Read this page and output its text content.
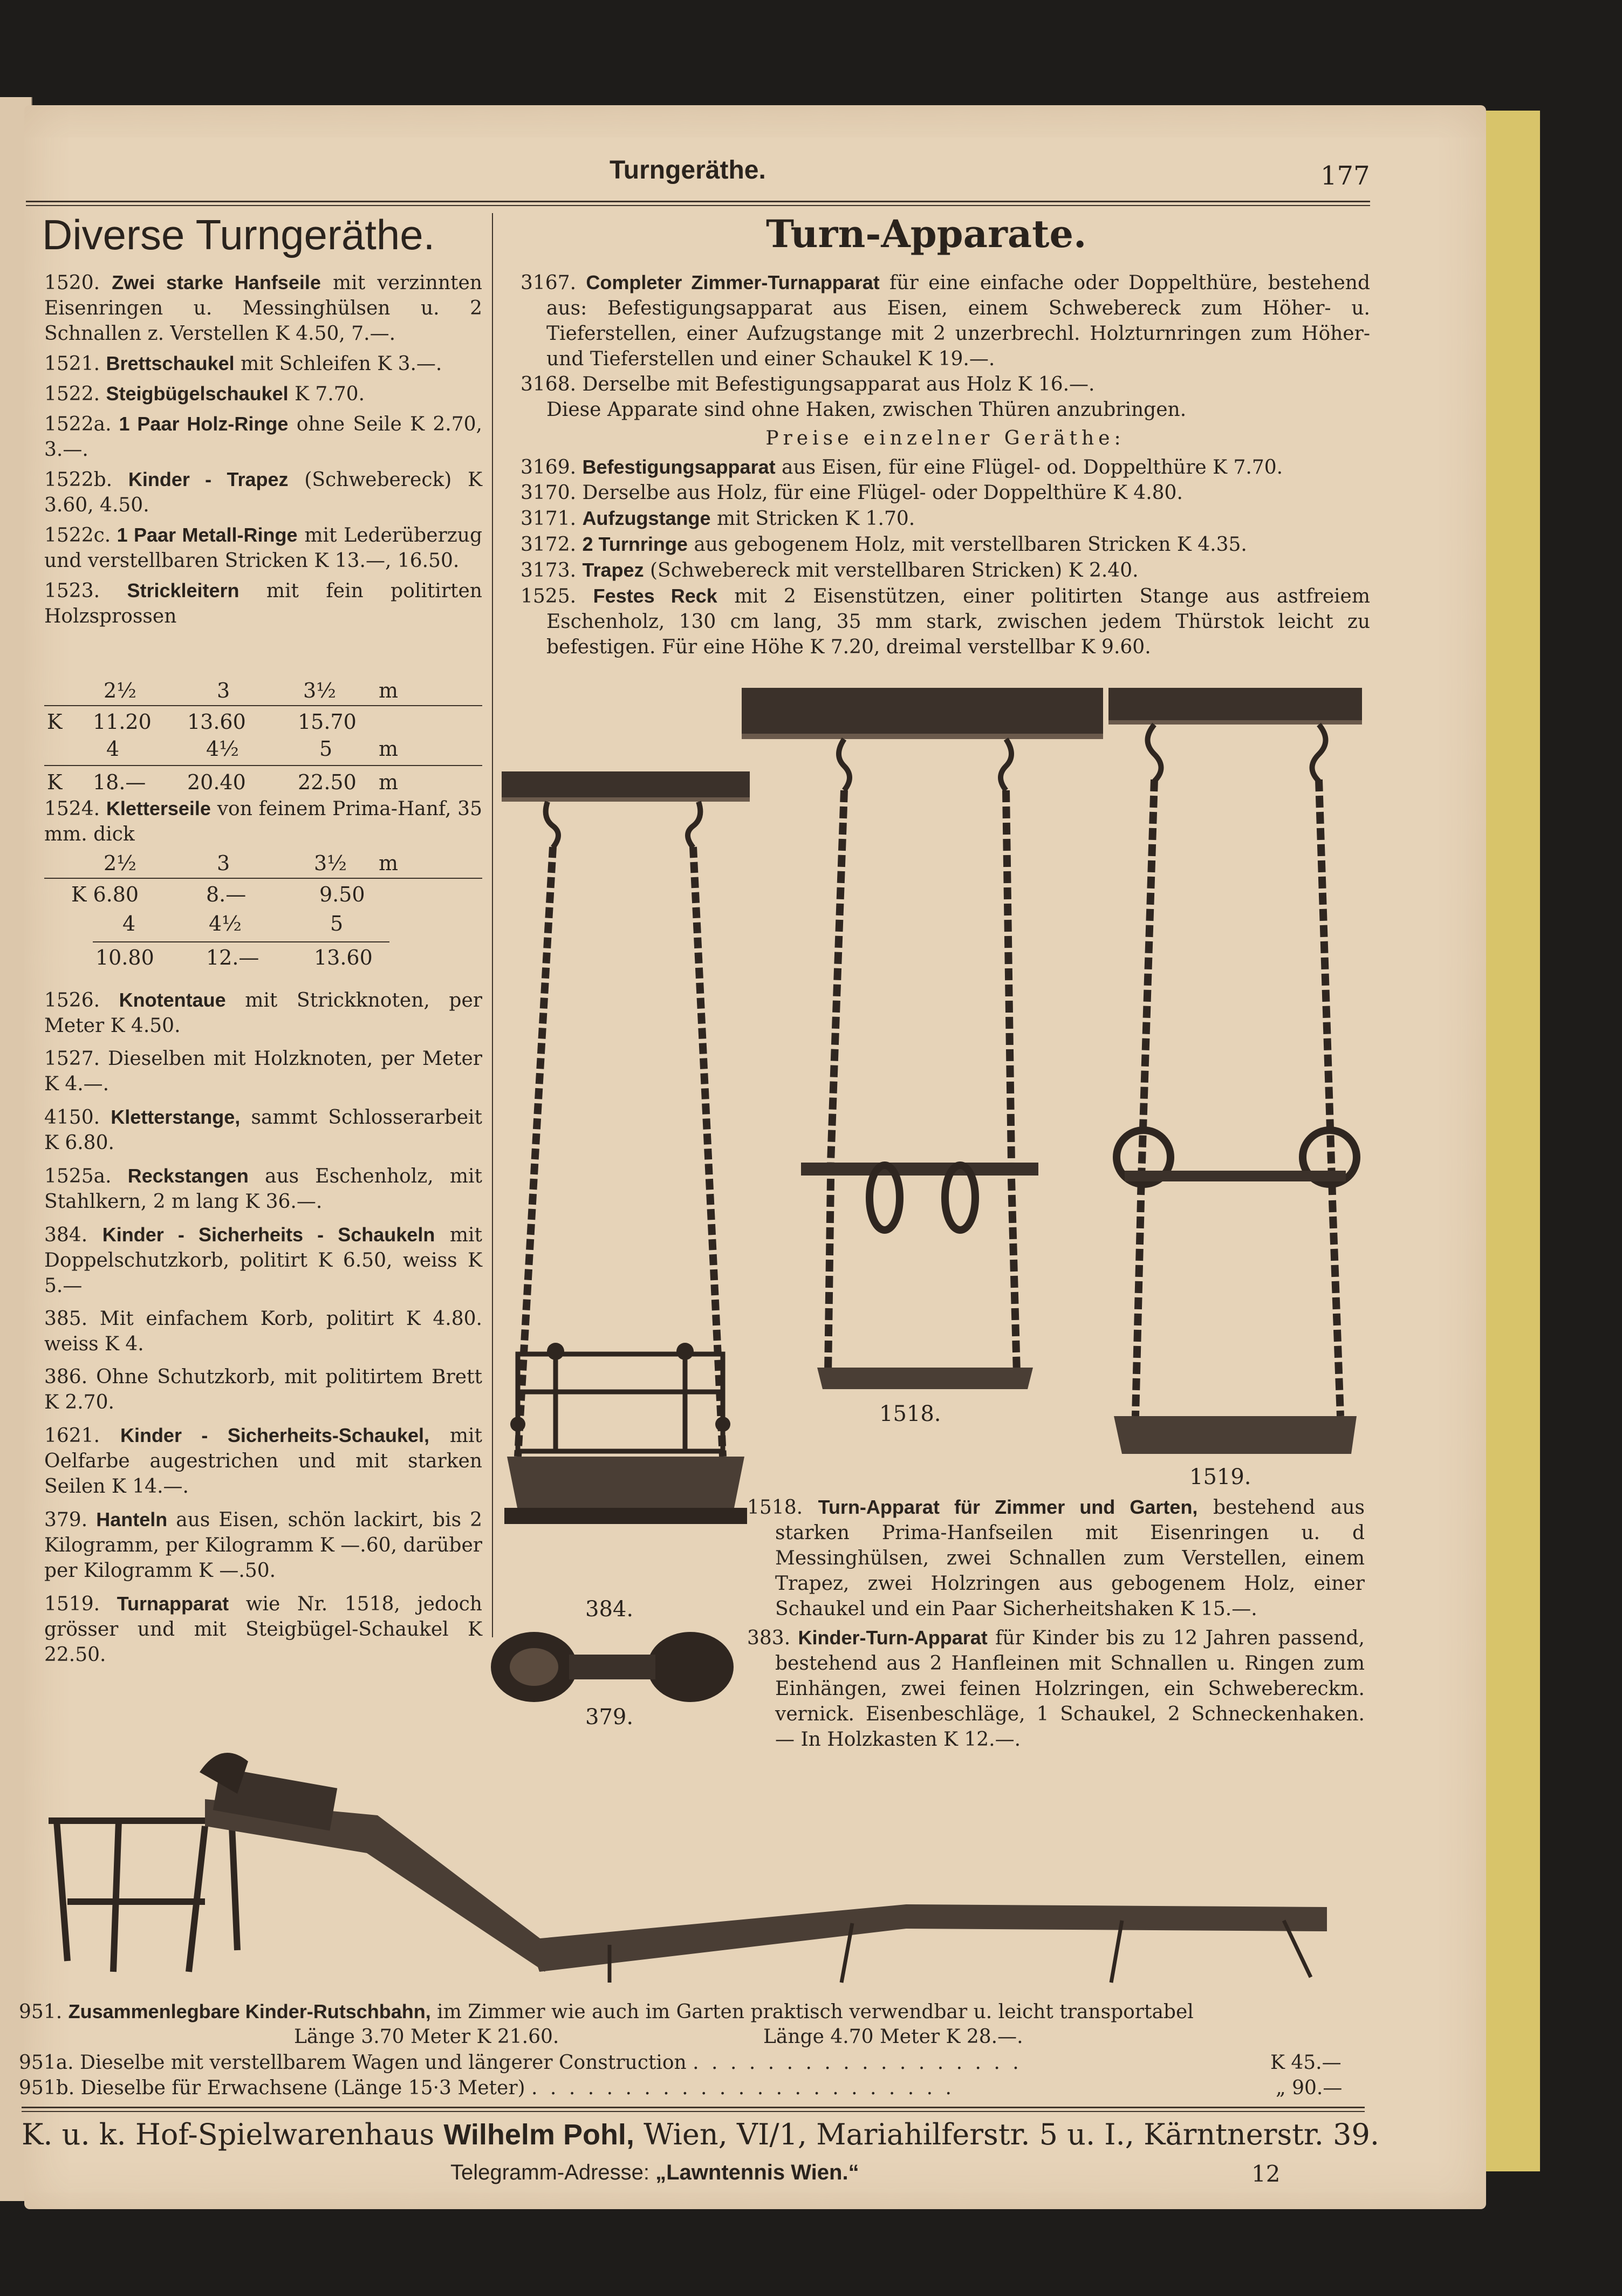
Turngeräthe.	177
Diverse Turngeräthe.

1520. Zwei starke Hanfseile mit verzinnten Eisenringen u. Messinghülsen u. 2 Schnallen z. Verstellen K 4.50, 7.—.

1521. Brettschaukel mit Schleifen K 3.—.

1522. Steigbügelschaukel K 7.70.

1522a. 1 Paar Holz-Ringe ohne Seile K 2.70, 3.—.

1522b. Kinder - Trapez (Schwebereck) K 3.60, 4.50.

1522c. 1 Paar Metall-Ringe mit Lederüberzug und verstellbaren Stricken K 13.—, 16.50.

1523. Strickleitern mit fein politirten Holzsprossen

2½	3	3½ m
K 11.20 13.60	15.70
4	4½	5 m
K 18.— 20.40	22.50 m

1524. Kletterseile von feinem Prima-Hanf, 35 mm. dick

2½	3	3½ m
K 6.80	8.—	9.50
4	4½	5
10.80	12.—	13.60

1526. Knotentaue mit Strickknoten, per Meter K 4.50.

1527. Dieselben mit Holzknoten, per Meter K 4.—.

4150. Kletterstange, sammt Schlosserarbeit K 6.80.

1525a. Reckstangen aus Eschenholz, mit Stahlkern, 2 m lang K 36.—.

384. Kinder - Sicherheits - Schaukeln mit Doppelschutzkorb, politirt K 6.50, weiss K 5.—

385. Mit einfachem Korb, politirt K 4.80. weiss K 4.

386. Ohne Schutzkorb, mit politirtem Brett K 2.70.

1621. Kinder - Sicherheits-Schaukel, mit Oelfarbe augestrichen und mit starken Seilen K 14.—.

379. Hanteln aus Eisen, schön lackirt, bis 2 Kilogramm, per Kilogramm K —.60, darüber per Kilogramm K —.50.

1519. Turnapparat wie Nr. 1518, jedoch grösser und mit Steigbügel-Schaukel K 22.50.

Turn-Apparate.

3167. Completer Zimmer-Turnapparat für eine einfache oder Doppelthüre, bestehend aus: Befestigungsapparat aus Eisen, einem Schwebereck zum Höher- u. Tieferstellen, einer Aufzugstange mit 2 unzerbrechl. Holzturnringen zum Höher- und Tieferstellen und einer Schaukel K 19.—.

3168. Derselbe mit Befestigungsapparat aus Holz K 16.—.

Diese Apparate sind ohne Haken, zwischen Thüren anzubringen.

Preise einzelner Geräthe:

3169. Befestigungsapparat aus Eisen, für eine Flügel- od. Doppelthüre K 7.70.

3170. Derselbe aus Holz, für eine Flügel- oder Doppelthüre K 4.80.

3171. Aufzugstange mit Stricken K 1.70.

3172. 2 Turnringe aus gebogenem Holz, mit verstellbaren Stricken K 4.35.

3173. Trapez (Schwebereck mit verstellbaren Stricken) K 2.40.

1525. Festes Reck mit 2 Eisenstützen, einer politirten Stange aus astfreiem Eschenholz, 130 cm lang, 35 mm stark, zwischen jedem Thürstok leicht zu befestigen. Für eine Höhe K 7.20, dreimal verstellbar K 9.60.

384.
379.
1518.
1519.

1518. Turn-Apparat für Zimmer und Garten, bestehend aus starken Prima-Hanfseilen mit Eisenringen u. d Messinghülsen, zwei Schnallen zum Verstellen, einem Trapez, zwei Holzringen aus gebogenem Holz, einer Schaukel und ein Paar Sicherheitshaken K 15.—.

383. Kinder-Turn-Apparat für Kinder bis zu 12 Jahren passend, bestehend aus 2 Hanfleinen mit Schnallen u. Ringen zum Einhängen, zwei feinen Holzringen, ein Schwebereckm. vernick. Eisenbeschläge, 1 Schaukel, 2 Schneckenhaken. — In Holzkasten K 12.—.

951. Zusammenlegbare Kinder-Rutschbahn, im Zimmer wie auch im Garten praktisch verwendbar u. leicht transportabel
Länge 3.70 Meter K 21.60.	Länge 4.70 Meter K 28.—.
951a. Dieselbe mit verstellbarem Wagen und längerer Construction . . . . . . . . . . . . . . . . . .	K 45.—
951b. Dieselbe für Erwachsene (Länge 15·3 Meter) . . . . . . . . . . . . . . . . . . . . . . .	„ 90.—
K. u. k. Hof-Spielwarenhaus Wilhelm Pohl, Wien, VI/1, Mariahilferstr. 5 u. I., Kärntnerstr. 39.
Telegramm-Adresse: „Lawntennis Wien.“	12
